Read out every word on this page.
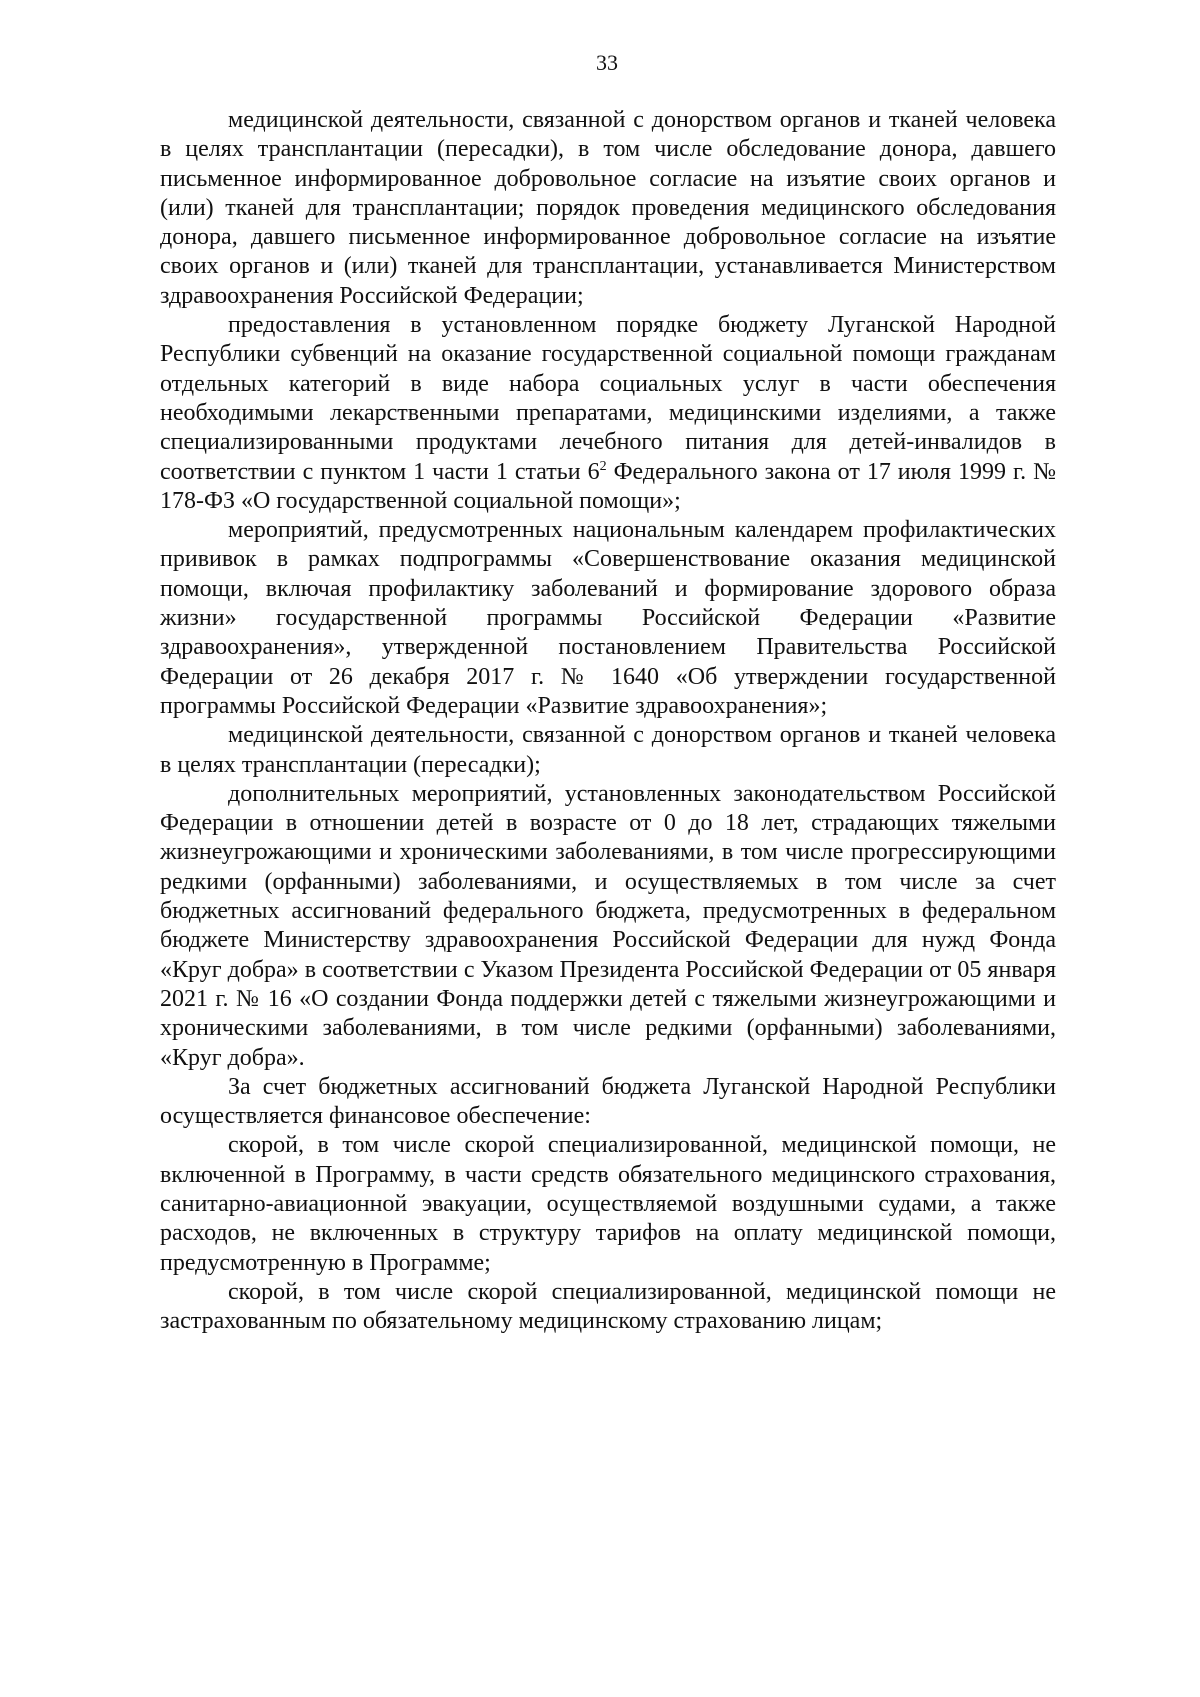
33

медицинской деятельности, связанной с донорством органов и тканей человека в целях трансплантации (пересадки), в том числе обследование донора, давшего письменное информированное добровольное согласие на изъятие своих органов и (или) тканей для трансплантации; порядок проведения медицинского обследования донора, давшего письменное информированное добровольное согласие на изъятие своих органов и (или) тканей для трансплантации, устанавливается Министерством здравоохранения Российской Федерации;

предоставления в установленном порядке бюджету Луганской Народной Республики субвенций на оказание государственной социальной помощи гражданам отдельных категорий в виде набора социальных услуг в части обеспечения необходимыми лекарственными препаратами, медицинскими изделиями, а также специализированными продуктами лечебного питания для детей-инвалидов в соответствии с пунктом 1 части 1 статьи $6^2$ Федерального закона от 17 июля 1999 г. № 178-ФЗ «О государственной социальной помощи»;

мероприятий, предусмотренных национальным календарем профилактических прививок в рамках подпрограммы «Совершенствование оказания медицинской помощи, включая профилактику заболеваний и формирование здорового образа жизни» государственной программы Российской Федерации «Развитие здравоохранения», утвержденной постановлением Правительства Российской Федерации от 26 декабря 2017 г. № 1640 «Об утверждении государственной программы Российской Федерации «Развитие здравоохранения»;

медицинской деятельности, связанной с донорством органов и тканей человека в целях трансплантации (пересадки);

дополнительных мероприятий, установленных законодательством Российской Федерации в отношении детей в возрасте от 0 до 18 лет, страдающих тяжелыми жизнеугрожающими и хроническими заболеваниями, в том числе прогрессирующими редкими (орфанными) заболеваниями, и осуществляемых в том числе за счет бюджетных ассигнований федерального бюджета, предусмотренных в федеральном бюджете Министерству здравоохранения Российской Федерации для нужд Фонда «Круг добра» в соответствии с Указом Президента Российской Федерации от 05 января 2021 г. № 16 «О создании Фонда поддержки детей с тяжелыми жизнеугрожающими и хроническими заболеваниями, в том числе редкими (орфанными) заболеваниями, «Круг добра».

За счет бюджетных ассигнований бюджета Луганской Народной Республики осуществляется финансовое обеспечение:

скорой, в том числе скорой специализированной, медицинской помощи, не включенной в Программу, в части средств обязательного медицинского страхования, санитарно-авиационной эвакуации, осуществляемой воздушными судами, а также расходов, не включенных в структуру тарифов на оплату медицинской помощи, предусмотренную в Программе;

скорой, в том числе скорой специализированной, медицинской помощи не застрахованным по обязательному медицинскому страхованию лицам;
